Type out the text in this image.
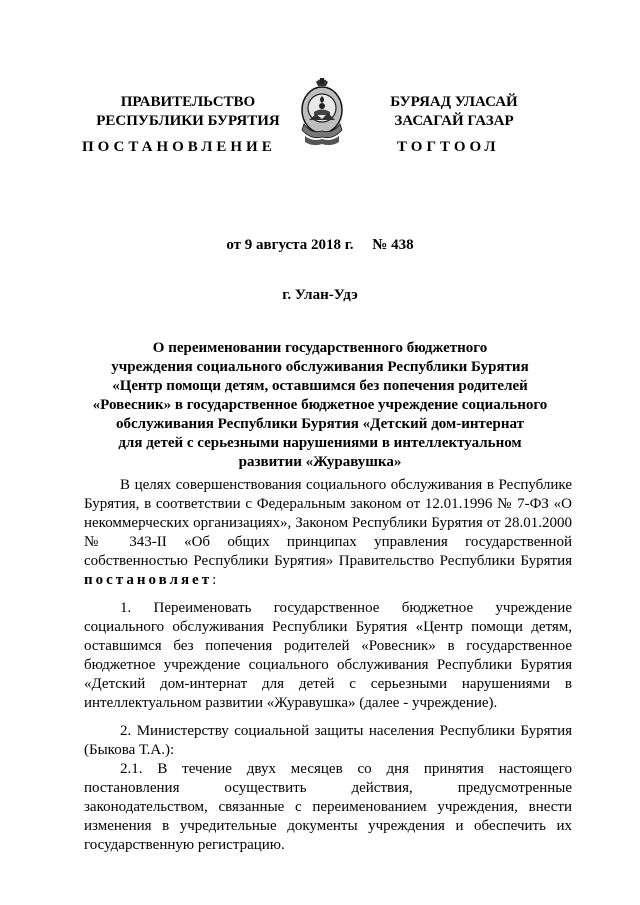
ПРАВИТЕЛЬСТВО
РЕСПУБЛИКИ БУРЯТИЯ
БУРЯАД УЛАСАЙ
ЗАСАГАЙ ГАЗАР
ПОСТАНОВЛЕНИЕ	ТОГТООЛ
от 9 августа 2018 г.     № 438
г. Улан-Удэ
О переименовании государственного бюджетного
учреждения социального обслуживания Республики Бурятия
«Центр помощи детям, оставшимся без попечения родителей
«Ровесник» в государственное бюджетное учреждение социального
обслуживания Республики Бурятия «Детский дом-интернат
для детей с серьезными нарушениями в интеллектуальном
развитии «Журавушка»

В целях совершенствования социального обслуживания в Республике Бурятия, в соответствии с Федеральным законом от 12.01.1996 № 7-ФЗ «О некоммерческих организациях», Законом Республики Бурятия от 28.01.2000 № 343-II «Об общих принципах управления государственной собственностью Республики Бурятия» Правительство Республики Бурятия постановляет:

1. Переименовать государственное бюджетное учреждение социального обслуживания Республики Бурятия «Центр помощи детям, оставшимся без попечения родителей «Ровесник» в государственное бюджетное учреждение социального обслуживания Республики Бурятия «Детский дом-интернат для детей с серьезными нарушениями в интеллектуальном развитии «Журавушка» (далее - учреждение).

2. Министерству социальной защиты населения Республики Бурятия (Быкова Т.А.):

2.1. В течение двух месяцев со дня принятия настоящего постановления осуществить действия, предусмотренные законодательством, связанные с переименованием учреждения, внести изменения в учредительные документы учреждения и обеспечить их государственную регистрацию.
